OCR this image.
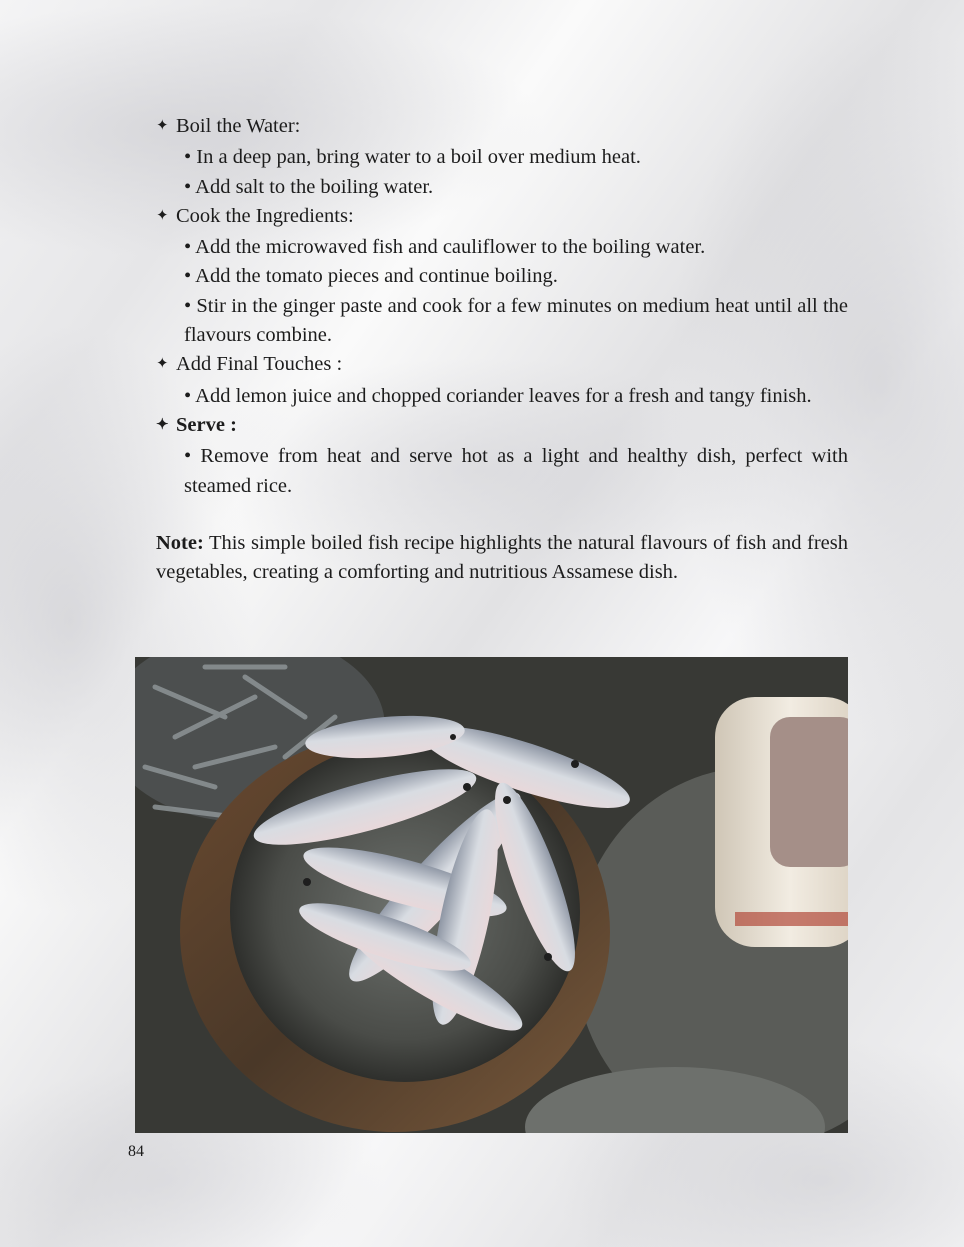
✦ Boil the Water:
• In a deep pan, bring water to a boil over medium heat.
• Add salt to the boiling water.
✦ Cook the Ingredients:
• Add the microwaved fish and cauliflower to the boiling water.
• Add the tomato pieces and continue boiling.
• Stir in the ginger paste and cook for a few minutes on medium heat until all the flavours combine.
✦ Add Final Touches :
• Add lemon juice and chopped coriander leaves for a fresh and tangy finish.
✦ Serve :
• Remove from heat and serve hot as a light and healthy dish, perfect with steamed rice.
Note: This simple boiled fish recipe highlights the natural flavours of fish and fresh vegetables, creating a comforting and nutritious Assamese dish.
84
